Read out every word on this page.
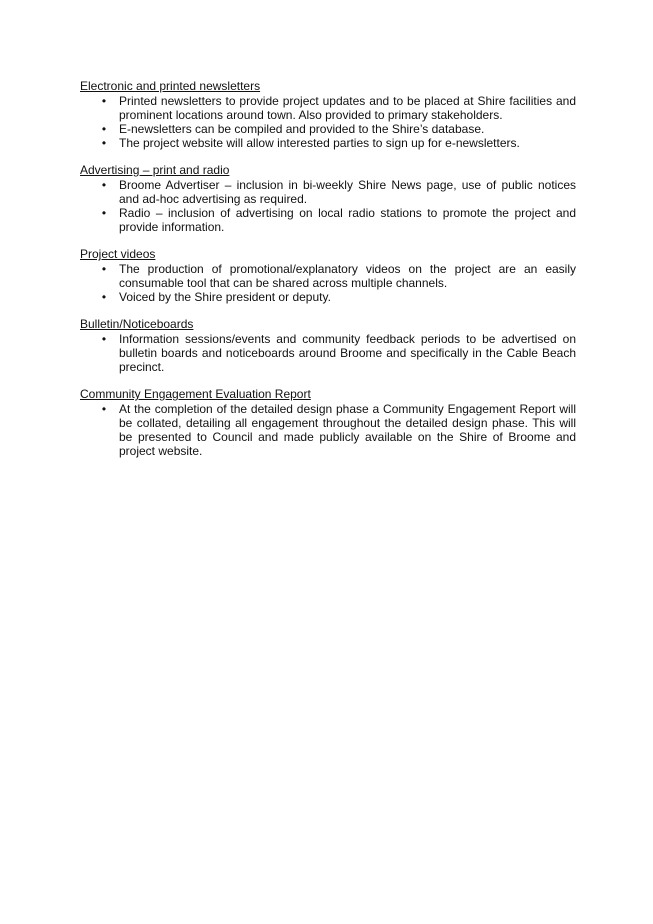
Electronic and printed newsletters
• Printed newsletters to provide project updates and to be placed at Shire facilities and prominent locations around town. Also provided to primary stakeholders.
• E-newsletters can be compiled and provided to the Shire’s database.
• The project website will allow interested parties to sign up for e-newsletters.
Advertising – print and radio
• Broome Advertiser – inclusion in bi-weekly Shire News page, use of public notices and ad-hoc advertising as required.
• Radio – inclusion of advertising on local radio stations to promote the project and provide information.
Project videos
• The production of promotional/explanatory videos on the project are an easily consumable tool that can be shared across multiple channels.
• Voiced by the Shire president or deputy.
Bulletin/Noticeboards
• Information sessions/events and community feedback periods to be advertised on bulletin boards and noticeboards around Broome and specifically in the Cable Beach precinct.
Community Engagement Evaluation Report
• At the completion of the detailed design phase a Community Engagement Report will be collated, detailing all engagement throughout the detailed design phase. This will be presented to Council and made publicly available on the Shire of Broome and project website.
